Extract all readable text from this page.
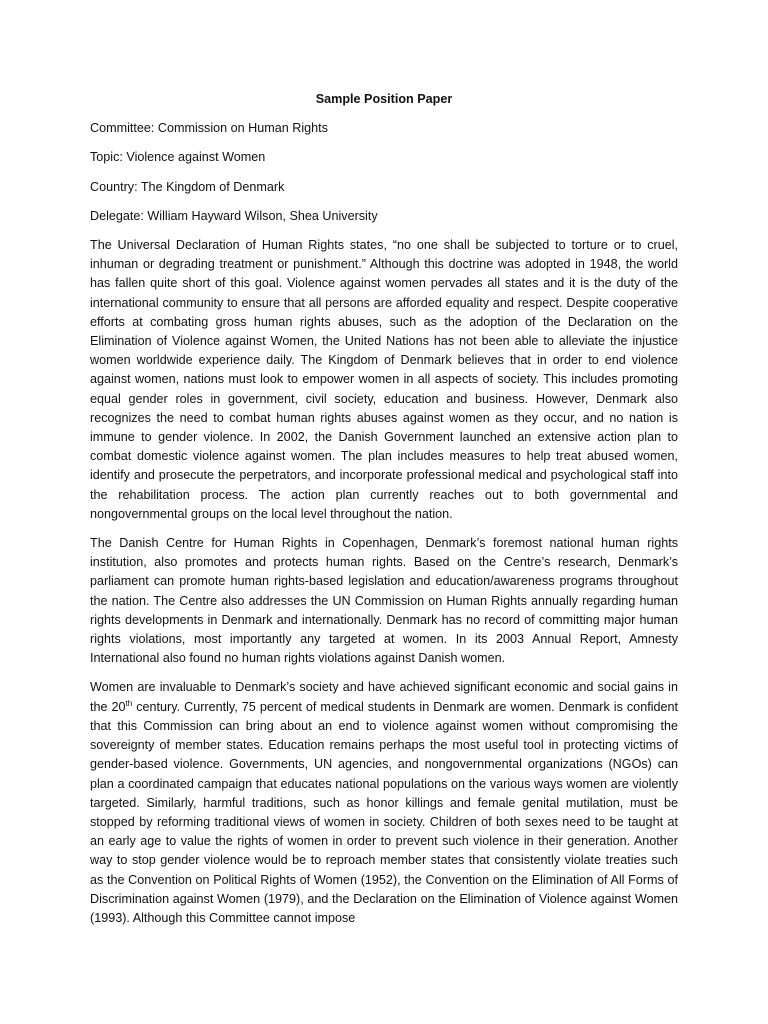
Sample Position Paper
Committee: Commission on Human Rights
Topic: Violence against Women
Country: The Kingdom of Denmark
Delegate: William Hayward Wilson, Shea University

The Universal Declaration of Human Rights states, “no one shall be subjected to torture or to cruel, inhuman or degrading treatment or punishment.” Although this doctrine was adopted in 1948, the world has fallen quite short of this goal. Violence against women pervades all states and it is the duty of the international community to ensure that all persons are afforded equality and respect. Despite cooperative efforts at combating gross human rights abuses, such as the adoption of the Declaration on the Elimination of Violence against Women, the United Nations has not been able to alleviate the injustice women worldwide experience daily. The Kingdom of Denmark believes that in order to end violence against women, nations must look to empower women in all aspects of society. This includes promoting equal gender roles in government, civil society, education and business. However, Denmark also recognizes the need to combat human rights abuses against women as they occur, and no nation is immune to gender violence. In 2002, the Danish Government launched an extensive action plan to combat domestic violence against women. The plan includes measures to help treat abused women, identify and prosecute the perpetrators, and incorporate professional medical and psychological staff into the rehabilitation process. The action plan currently reaches out to both governmental and nongovernmental groups on the local level throughout the nation.

The Danish Centre for Human Rights in Copenhagen, Denmark’s foremost national human rights institution, also promotes and protects human rights. Based on the Centre’s research, Denmark’s parliament can promote human rights-based legislation and education/awareness programs throughout the nation. The Centre also addresses the UN Commission on Human Rights annually regarding human rights developments in Denmark and internationally. Denmark has no record of committing major human rights violations, most importantly any targeted at women. In its 2003 Annual Report, Amnesty International also found no human rights violations against Danish women.

Women are invaluable to Denmark’s society and have achieved significant economic and social gains in the 20th century. Currently, 75 percent of medical students in Denmark are women. Denmark is confident that this Commission can bring about an end to violence against women without compromising the sovereignty of member states. Education remains perhaps the most useful tool in protecting victims of gender-based violence. Governments, UN agencies, and nongovernmental organizations (NGOs) can plan a coordinated campaign that educates national populations on the various ways women are violently targeted. Similarly, harmful traditions, such as honor killings and female genital mutilation, must be stopped by reforming traditional views of women in society. Children of both sexes need to be taught at an early age to value the rights of women in order to prevent such violence in their generation. Another way to stop gender violence would be to reproach member states that consistently violate treaties such as the Convention on Political Rights of Women (1952), the Convention on the Elimination of All Forms of Discrimination against Women (1979), and the Declaration on the Elimination of Violence against Women (1993). Although this Committee cannot impose
